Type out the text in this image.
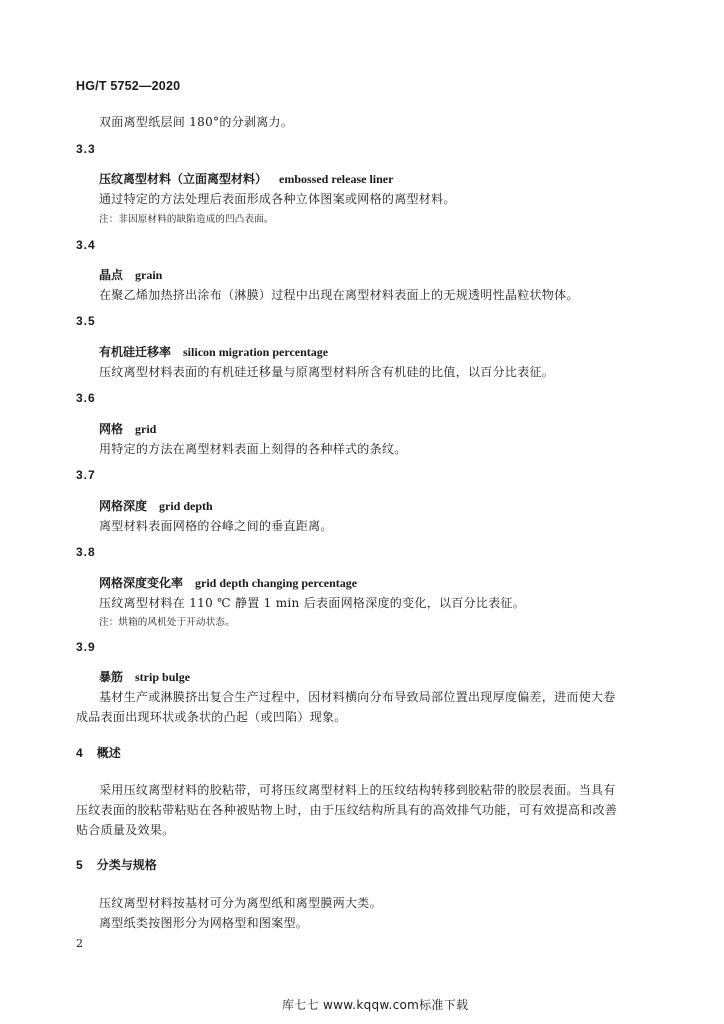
HG/T 5752—2020
双面离型纸层间 180°的分剥离力。
3.3
压纹离型材料（立面离型材料） embossed release liner
通过特定的方法处理后表面形成各种立体图案或网格的离型材料。
注：非因原材料的缺陷造成的凹凸表面。
3.4
晶点 grain
在聚乙烯加热挤出涂布（淋膜）过程中出现在离型材料表面上的无规透明性晶粒状物体。
3.5
有机硅迁移率 silicon migration percentage
压纹离型材料表面的有机硅迁移量与原离型材料所含有机硅的比值，以百分比表征。
3.6
网格 grid
用特定的方法在离型材料表面上刻得的各种样式的条纹。
3.7
网格深度 grid depth
离型材料表面网格的谷峰之间的垂直距离。
3.8
网格深度变化率 grid depth changing percentage
压纹离型材料在 110 ℃ 静置 1 min 后表面网格深度的变化，以百分比表征。
注：烘箱的风机处于开动状态。
3.9
暴筋 strip bulge
基材生产或淋膜挤出复合生产过程中，因材料横向分布导致局部位置出现厚度偏差，进而使大卷
成品表面出现环状或条状的凸起（或凹陷）现象。
4 概述
采用压纹离型材料的胶粘带，可将压纹离型材料上的压纹结构转移到胶粘带的胶层表面。当具有
压纹表面的胶粘带粘贴在各种被贴物上时，由于压纹结构所具有的高效排气功能，可有效提高和改善
贴合质量及效果。
5 分类与规格
压纹离型材料按基材可分为离型纸和离型膜两大类。
离型纸类按图形分为网格型和图案型。
2
库七七 www.kqqw.com标准下载
